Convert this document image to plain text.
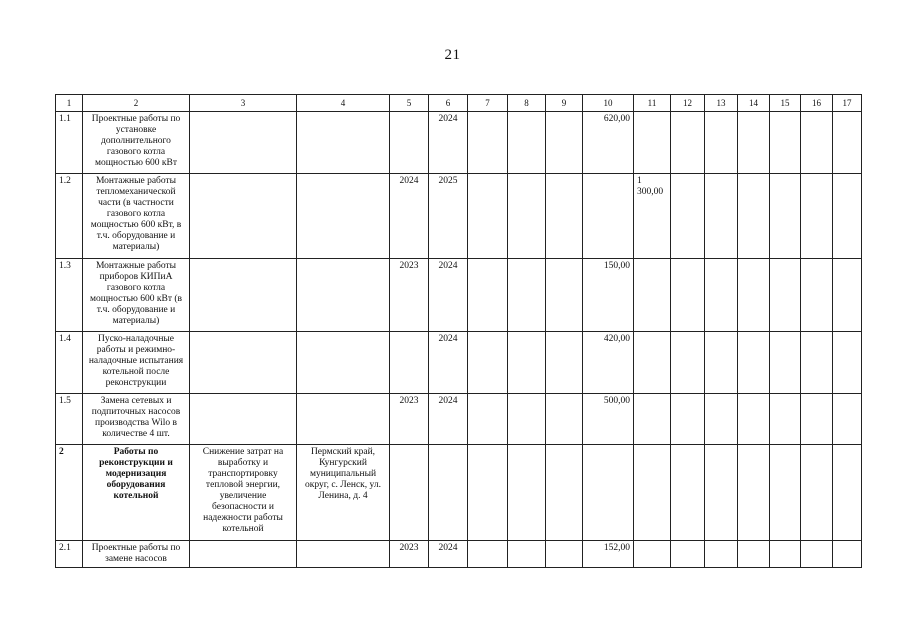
21
1	2	3	4	5	6	7	8	9	10	11	12	13	14	15	16	17
1.1	Проектные работы по установке дополнительного газового котла мощностью 600 кВт				2024				620,00							
1.2	Монтажные работы тепломеханической части (в частности газового котла мощностью 600 кВт, в т.ч. оборудование и материалы)			2024	2025					1 300,00						
1.3	Монтажные работы приборов КИПиА газового котла мощностью 600 кВт (в т.ч. оборудование и материалы)			2023	2024				150,00							
1.4	Пуско-наладочные работы и режимно-наладочные испытания котельной после реконструкции				2024				420,00							
1.5	Замена сетевых и подпиточных насосов производства Wilo в количестве 4 шт.			2023	2024				500,00							
2	Работы по реконструкции и модернизация оборудования котельной	Снижение затрат на выработку и транспортировку тепловой энергии, увеличение безопасности и надежности работы котельной	Пермский край, Кунгурский муниципальный округ, с. Ленск, ул. Ленина, д. 4													
2.1	Проектные работы по замене насосов			2023	2024				152,00							
